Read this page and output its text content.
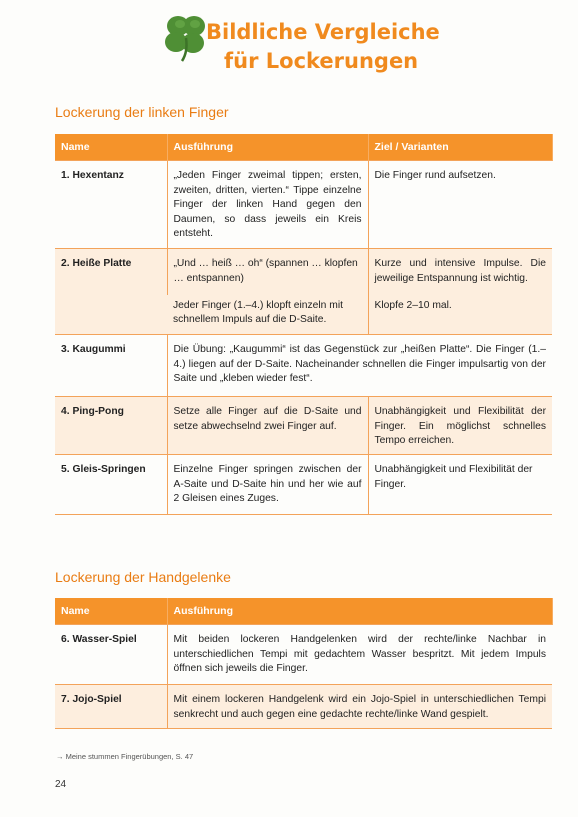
Bildliche Vergleiche
für Lockerungen
Lockerung der linken Finger
Name	Ausführung	Ziel / Varianten
1. Hexentanz	„Jeden Finger zweimal tippen; ersten, zweiten, dritten, vierten.“ Tippe einzelne Finger der linken Hand gegen den Daumen, so dass jeweils ein Kreis entsteht.	Die Finger rund aufsetzen.
2. Heiße Platte	„Und … heiß … oh“ (spannen … klopfen … entspannen)	Kurze und intensive Impulse. Die jeweilige Entspannung ist wichtig.
	Jeder Finger (1.–4.) klopft einzeln mit schnellem Impuls auf die D-Saite.	Klopfe 2–10 mal.
3. Kaugummi	Die Übung: „Kaugummi“ ist das Gegenstück zur „heißen Platte“. Die Finger (1.–4.) liegen auf der D-Saite. Nacheinander schnellen die Finger impulsartig von der Saite und „kleben wieder fest“.	
4. Ping-Pong	Setze alle Finger auf die D-Saite und setze abwechselnd zwei Finger auf.	Unabhängigkeit und Flexibilität der Finger. Ein möglichst schnelles Tempo erreichen.
5. Gleis-Springen	Einzelne Finger springen zwischen der A-Saite und D-Saite hin und her wie auf 2 Gleisen eines Zuges.	Unabhängigkeit und Flexibilität der Finger.
Lockerung der Handgelenke
Name	Ausführung
6. Wasser-Spiel	Mit beiden lockeren Handgelenken wird der rechte/linke Nachbar in unterschiedlichen Tempi mit gedachtem Wasser bespritzt. Mit jedem Impuls öffnen sich jeweils die Finger.
7. Jojo-Spiel	Mit einem lockeren Handgelenk wird ein Jojo-Spiel in unterschiedlichen Tempi senkrecht und auch gegen eine gedachte rechte/linke Wand gespielt.
→ Meine stummen Fingerübungen, S. 47
24
